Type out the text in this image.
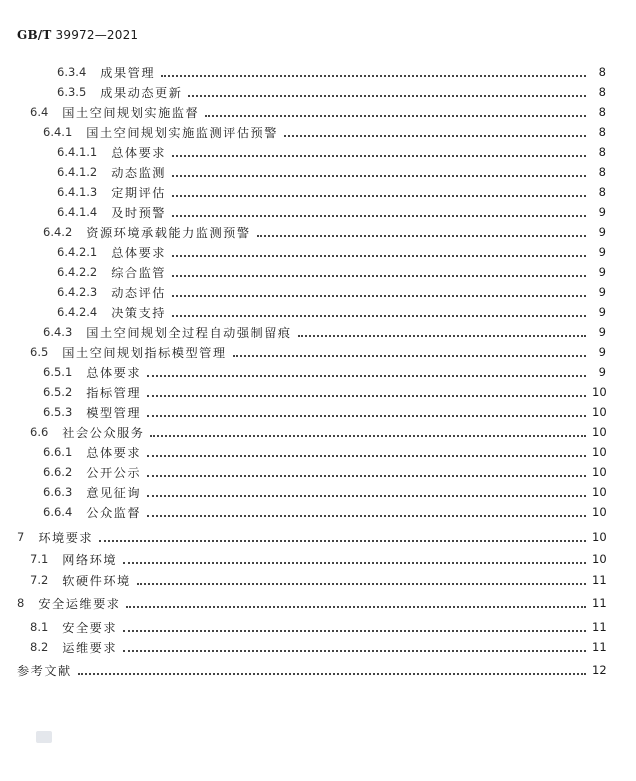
GB/T 39972—2021
6.3.4 成果管理	8
6.3.5 成果动态更新	8
6.4 国土空间规划实施监督	8
6.4.1 国土空间规划实施监测评估预警	8
6.4.1.1 总体要求	8
6.4.1.2 动态监测	8
6.4.1.3 定期评估	8
6.4.1.4 及时预警	9
6.4.2 资源环境承载能力监测预警	9
6.4.2.1 总体要求	9
6.4.2.2 综合监管	9
6.4.2.3 动态评估	9
6.4.2.4 决策支持	9
6.4.3 国土空间规划全过程自动强制留痕	9
6.5 国土空间规划指标模型管理	9
6.5.1 总体要求	9
6.5.2 指标管理	10
6.5.3 模型管理	10
6.6 社会公众服务	10
6.6.1 总体要求	10
6.6.2 公开公示	10
6.6.3 意见征询	10
6.6.4 公众监督	10
7 环境要求	10
7.1 网络环境	10
7.2 软硬件环境	11
8 安全运维要求	11
8.1 安全要求	11
8.2 运维要求	11
参考文献	12
